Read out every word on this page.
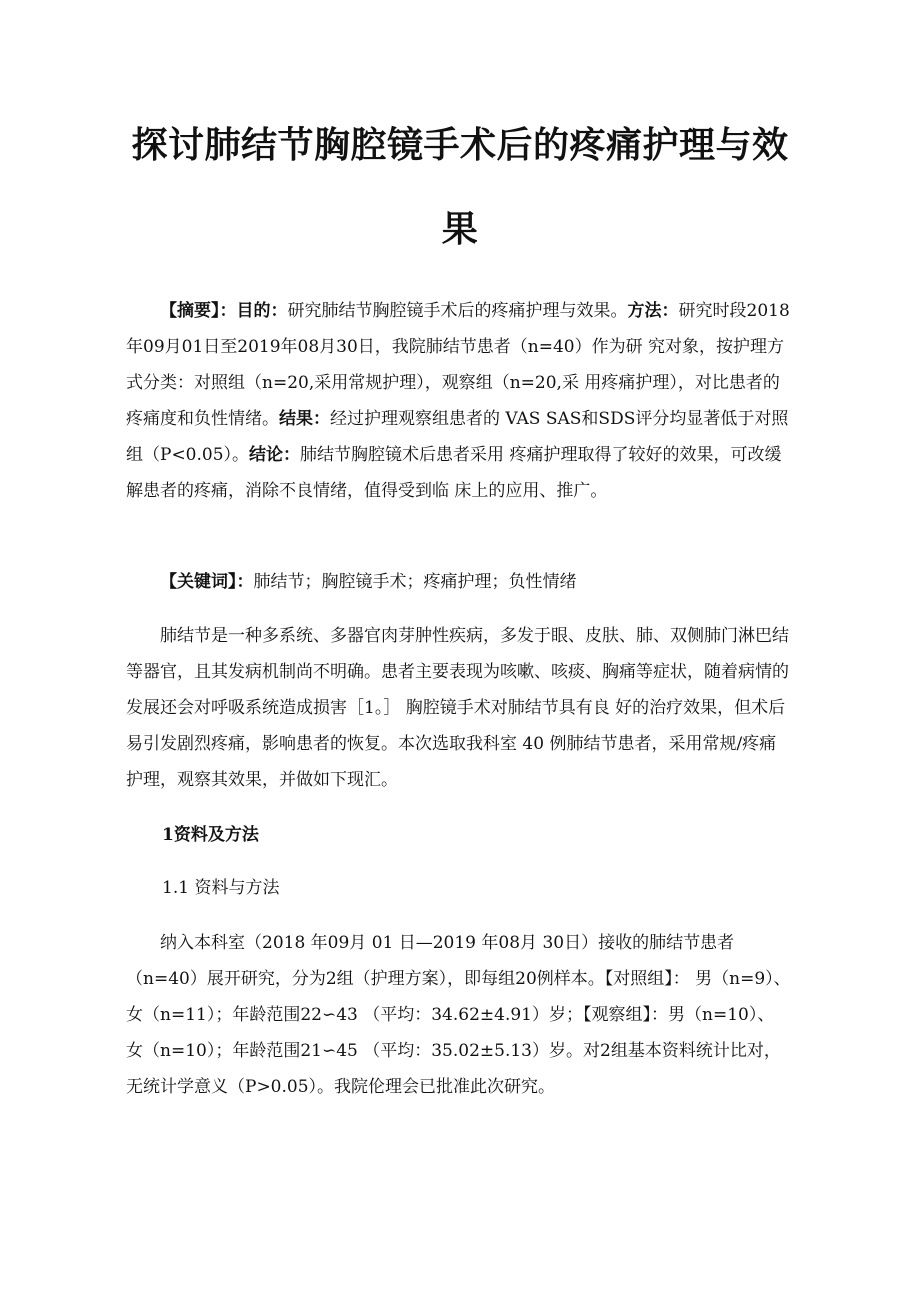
探讨肺结节胸腔镜手术后的疼痛护理与效果

【摘要】：目的：研究肺结节胸腔镜手术后的疼痛护理与效果。方法：研究时段2018年09月01日至2019年08月30日，我院肺结节患者（n=40）作为研 究对象，按护理方式分类：对照组（n=20,采用常规护理），观察组（n=20,采 用疼痛护理），对比患者的疼痛度和负性情绪。结果：经过护理观察组患者的 VAS SAS和SDS评分均显著低于对照组（P<0.05）。结论：肺结节胸腔镜术后患者采用 疼痛护理取得了较好的效果，可改缓解患者的疼痛，消除不良情绪，值得受到临 床上的应用、推广。

【关键词】：肺结节；胸腔镜手术；疼痛护理；负性情绪

肺结节是一种多系统、多器官肉芽肿性疾病，多发于眼、皮肤、肺、双侧肺门淋巴结等器官，且其发病机制尚不明确。患者主要表现为咳嗽、咳痰、胸痛等症状，随着病情的发展还会对呼吸系统造成损害［1。］ 胸腔镜手术对肺结节具有良 好的治疗效果，但术后易引发剧烈疼痛，影响患者的恢复。本次选取我科室 40 例肺结节患者，采用常规/疼痛护理，观察其效果，并做如下现汇。

1资料及方法

1.1 资料与方法

纳入本科室（2018 年09月 01 日—2019 年08月 30日）接收的肺结节患者（n=40）展开研究，分为2组（护理方案），即每组20例样本。【对照组】： 男（n=9）、女（n=11）；年龄范围22∽43 （平均：34.62±4.91）岁；【观察组】：男（n=10）、女（n=10）；年龄范围21∽45 （平均：35.02±5.13）岁。对2组基本资料统计比对，无统计学意义（P>0.05）。我院伦理会已批准此次研究。
